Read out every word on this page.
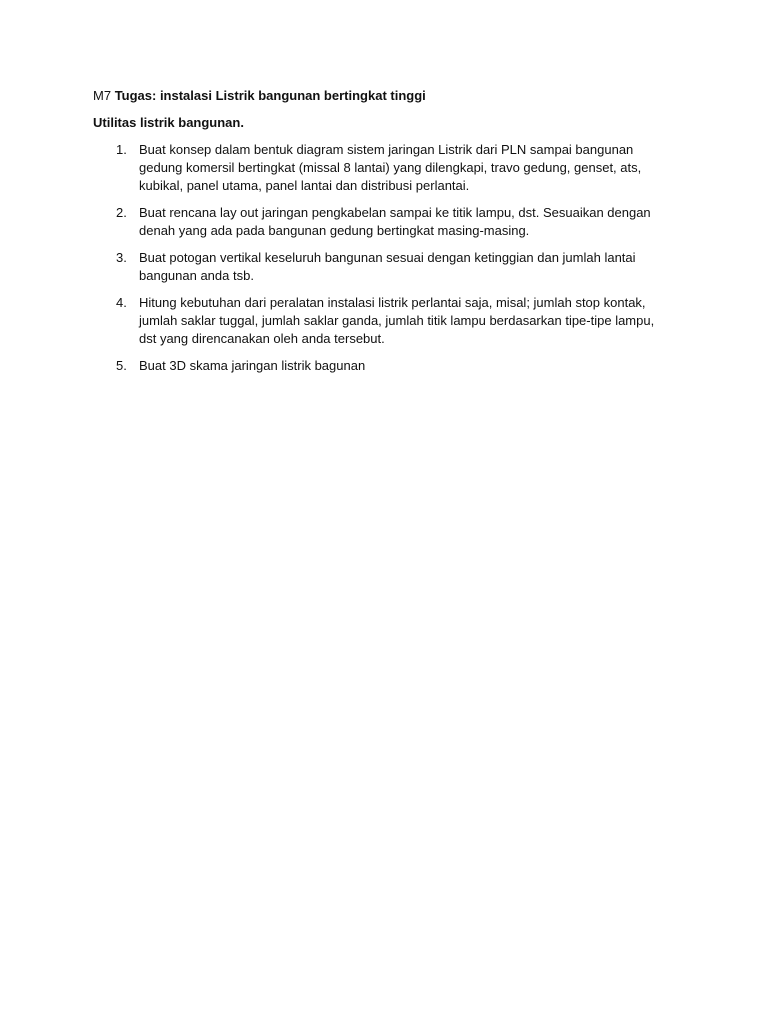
M7 Tugas: instalasi Listrik bangunan bertingkat tinggi

Utilitas listrik bangunan.

1. Buat konsep dalam bentuk diagram sistem jaringan Listrik dari PLN sampai bangunan gedung komersil bertingkat (missal 8 lantai) yang dilengkapi, travo gedung, genset, ats, kubikal, panel utama, panel lantai dan distribusi perlantai.
2. Buat rencana lay out jaringan pengkabelan sampai ke titik lampu, dst. Sesuaikan dengan denah yang ada pada bangunan gedung bertingkat masing-masing.
3. Buat potogan vertikal keseluruh bangunan sesuai dengan ketinggian dan jumlah lantai bangunan anda tsb.
4. Hitung kebutuhan dari peralatan instalasi listrik perlantai saja, misal; jumlah stop kontak, jumlah saklar tuggal, jumlah saklar ganda, jumlah titik lampu berdasarkan tipe-tipe lampu, dst yang direncanakan oleh anda tersebut.
5. Buat 3D skama jaringan listrik bagunan
